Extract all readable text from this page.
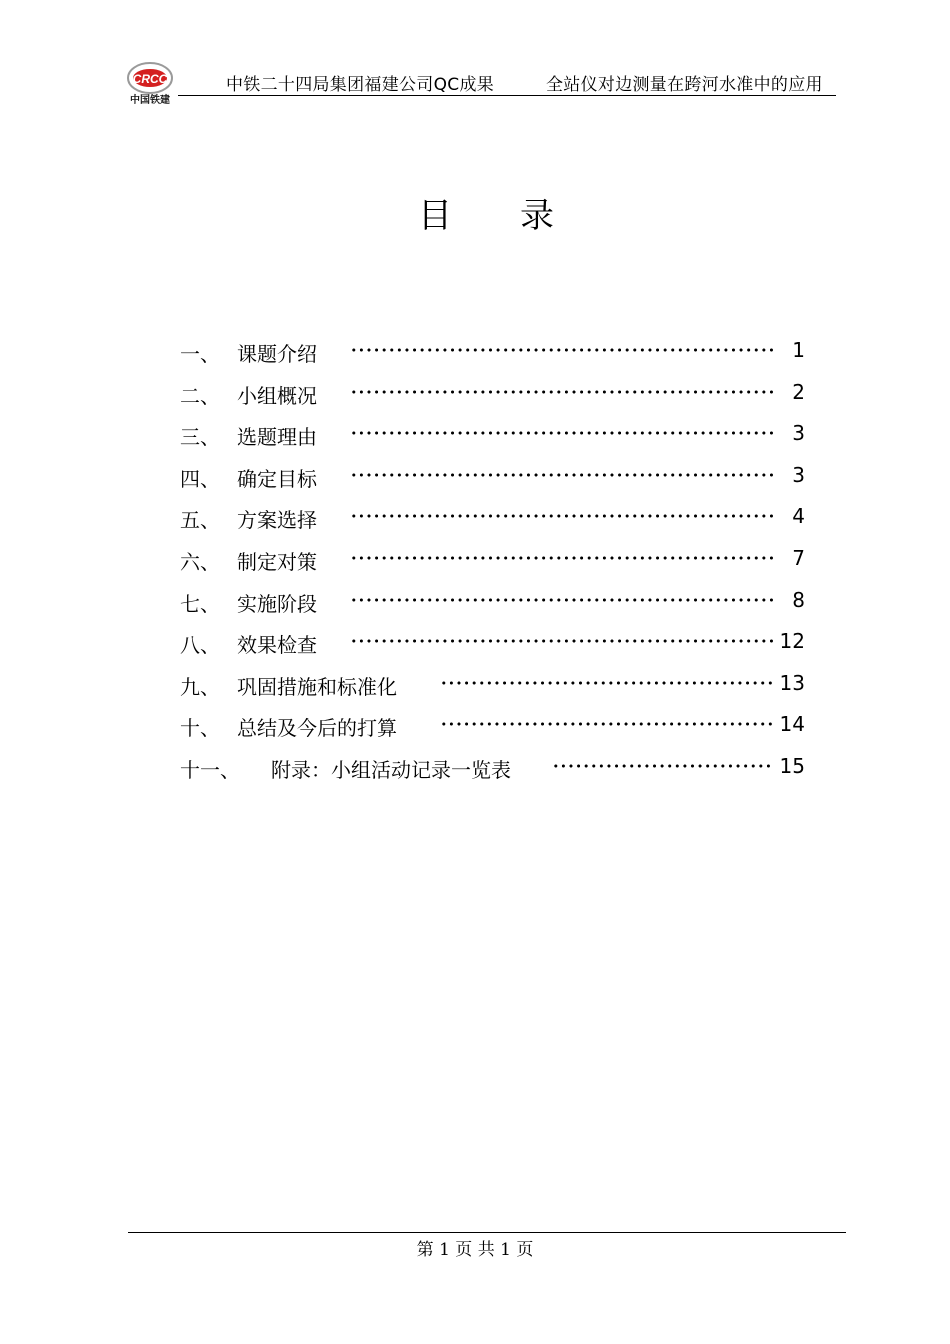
CRCC
中国铁建
中铁二十四局集团福建公司QC成果	全站仪对边测量在跨河水准中的应用
目 录
一、 课题介绍	1
二、 小组概况	2
三、 选题理由	3
四、 确定目标	3
五、 方案选择	4
六、 制定对策	7
七、 实施阶段	8
八、 效果检查	12
九、 巩固措施和标准化	13
十、 总结及今后的打算	14
十一、 附录：小组活动记录一览表	15
第 1 页 共 1 页
